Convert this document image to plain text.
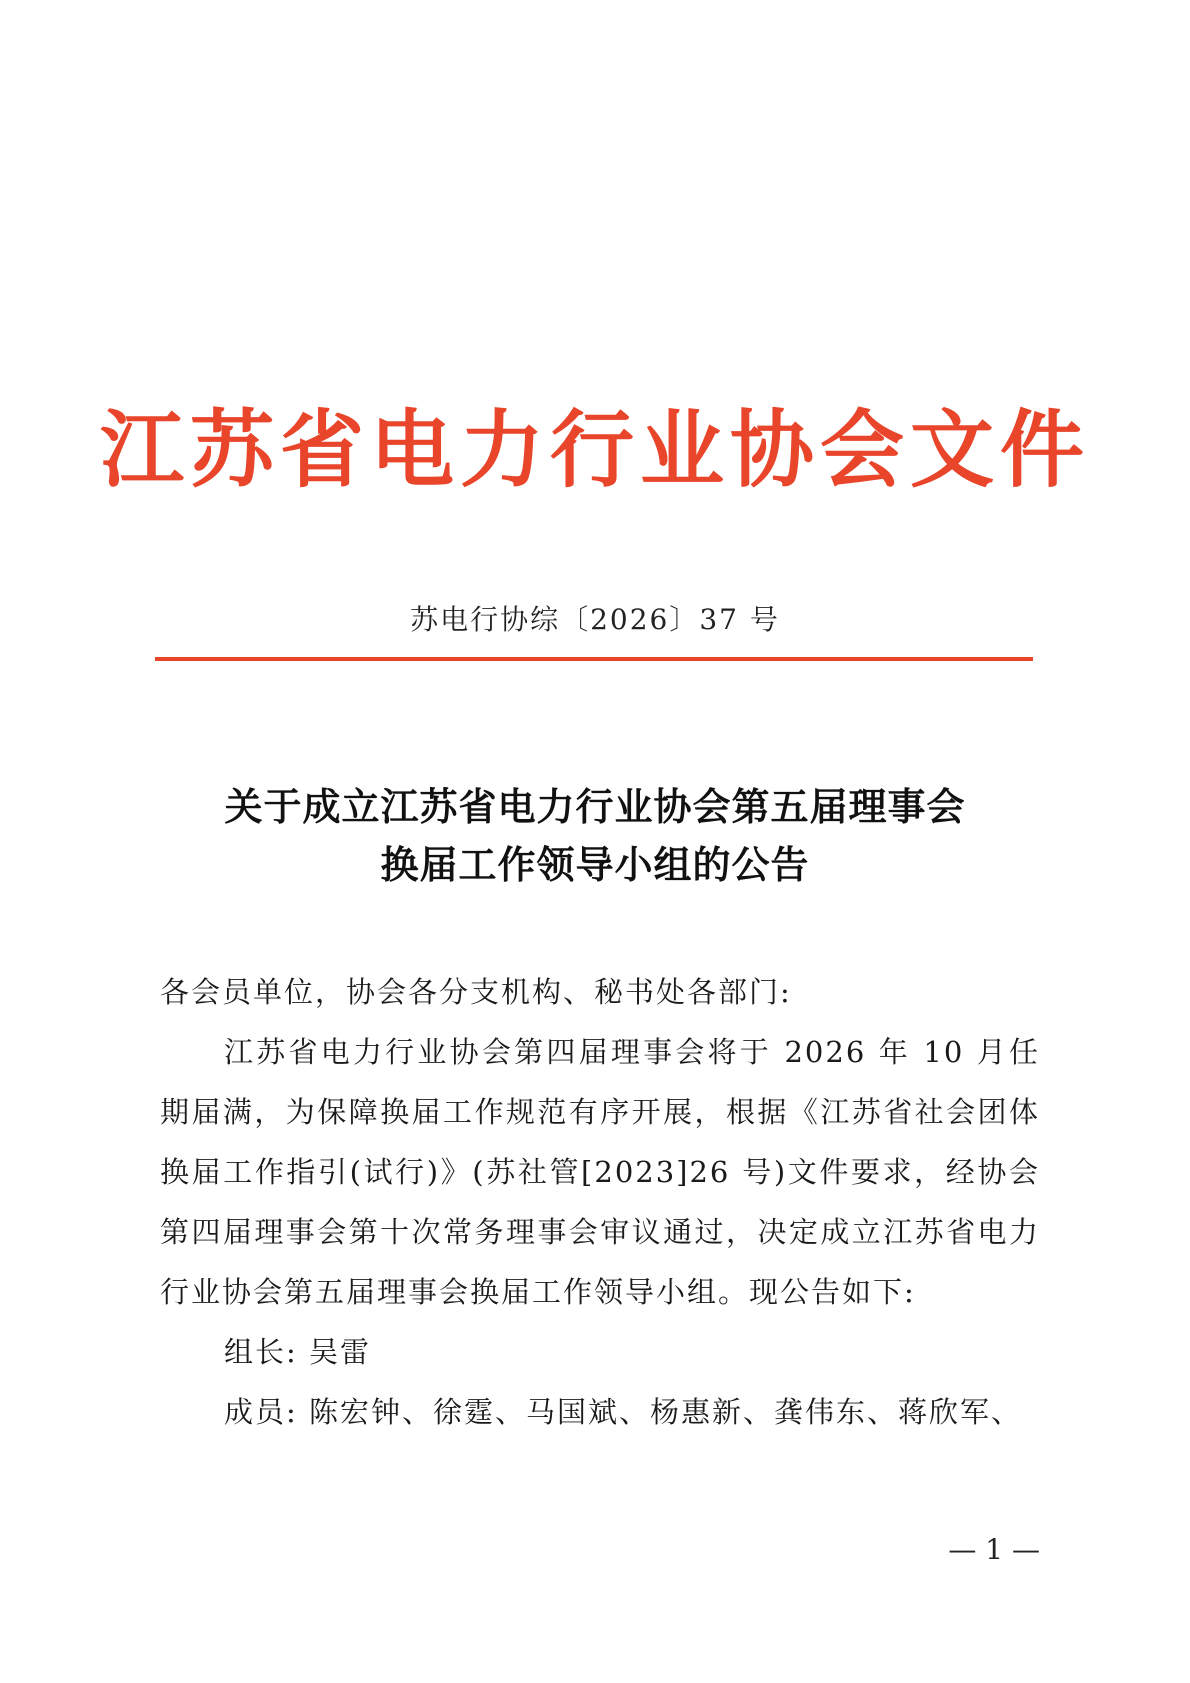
江苏省电力行业协会文件
苏电行协综〔2026〕37 号
关于成立江苏省电力行业协会第五届理事会
换届工作领导小组的公告

各会员单位，协会各分支机构、秘书处各部门:

江苏省电力行业协会第四届理事会将于 2026 年 10 月任期届满，为保障换届工作规范有序开展，根据《江苏省社会团体换届工作指引(试行)》(苏社管[2023]26 号)文件要求，经协会第四届理事会第十次常务理事会审议通过，决定成立江苏省电力行业协会第五届理事会换届工作领导小组。现公告如下:

组长: 吴雷

成员: 陈宏钟、徐霆、马国斌、杨惠新、龚伟东、蒋欣军、

— 1 —
